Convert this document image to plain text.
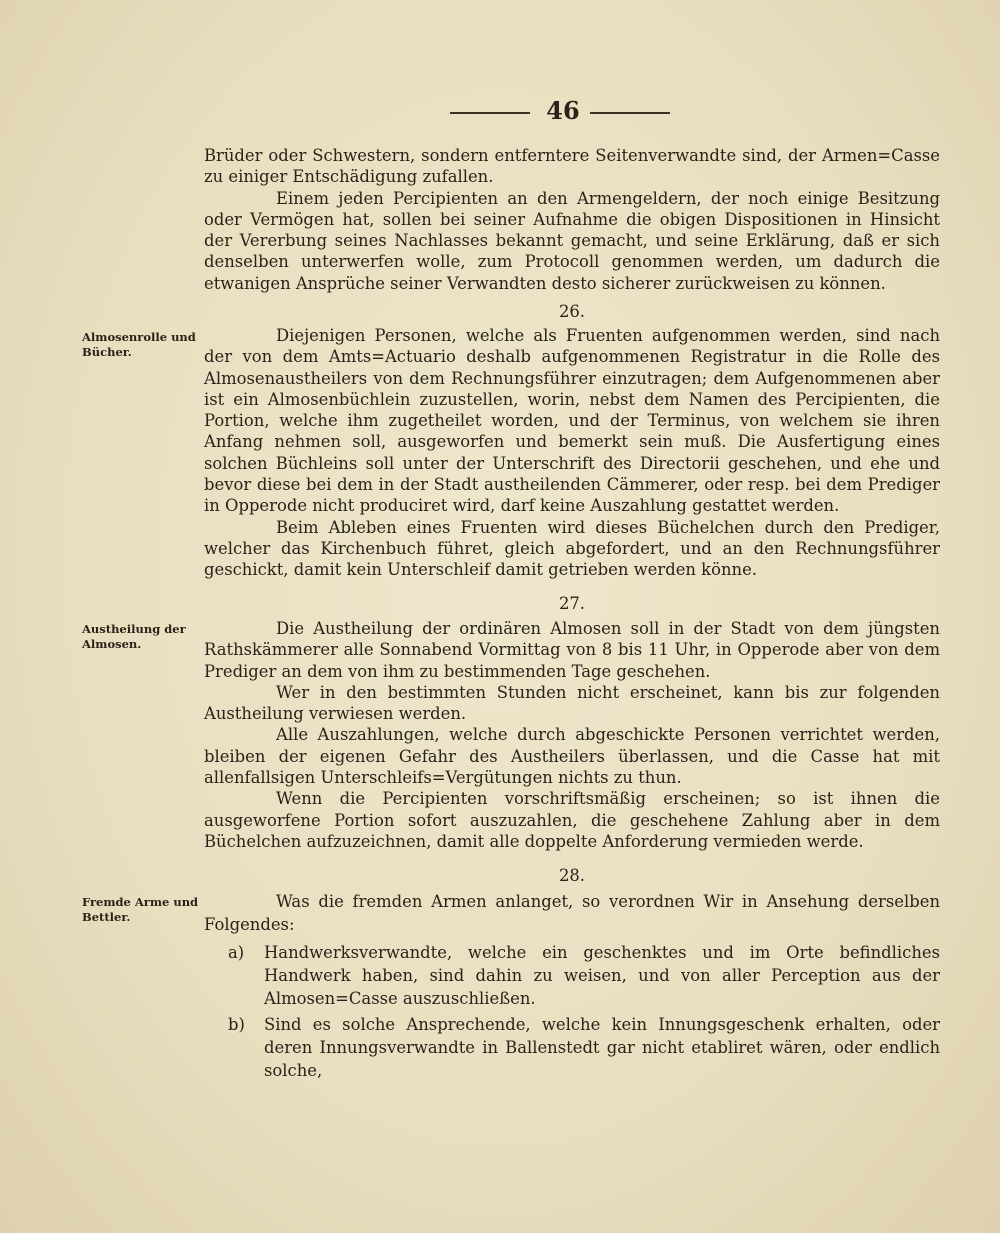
46

Brüder oder Schwestern, sondern entferntere Seitenverwandte sind, der Armen=Casse zu einiger Entschädigung zufallen.

Einem jeden Percipienten an den Armengeldern, der noch einige Besitzung oder Vermögen hat, sollen bei seiner Aufnahme die obigen Dispositionen in Hinsicht der Vererbung seines Nachlasses bekannt gemacht, und seine Erklärung, daß er sich denselben unterwerfen wolle, zum Protocoll genommen werden, um dadurch die etwanigen Ansprüche seiner Verwandten desto sicherer zurückweisen zu können.

26.
Almosenrolle und Bücher.

Diejenigen Personen, welche als Fruenten aufgenommen werden, sind nach der von dem Amts=Actuario deshalb aufgenommenen Registratur in die Rolle des Almosenaustheilers von dem Rechnungsführer einzutragen; dem Aufgenommenen aber ist ein Almosenbüchlein zuzustellen, worin, nebst dem Namen des Percipienten, die Portion, welche ihm zugetheilet worden, und der Terminus, von welchem sie ihren Anfang nehmen soll, ausgeworfen und bemerkt sein muß. Die Ausfertigung eines solchen Büchleins soll unter der Unterschrift des Directorii geschehen, und ehe und bevor diese bei dem in der Stadt austheilenden Cämmerer, oder resp. bei dem Prediger in Opperode nicht produciret wird, darf keine Auszahlung gestattet werden.

Beim Ableben eines Fruenten wird dieses Büchelchen durch den Prediger, welcher das Kirchenbuch führet, gleich abgefordert, und an den Rechnungsführer geschickt, damit kein Unterschleif damit getrieben werden könne.

27.
Austheilung der Almosen.

Die Austheilung der ordinären Almosen soll in der Stadt von dem jüngsten Rathskämmerer alle Sonnabend Vormittag von 8 bis 11 Uhr, in Opperode aber von dem Prediger an dem von ihm zu bestimmenden Tage geschehen.

Wer in den bestimmten Stunden nicht erscheinet, kann bis zur folgenden Austheilung verwiesen werden.

Alle Auszahlungen, welche durch abgeschickte Personen verrichtet werden, bleiben der eigenen Gefahr des Austheilers überlassen, und die Casse hat mit allenfallsigen Unterschleifs=Vergütungen nichts zu thun.

Wenn die Percipienten vorschriftsmäßig erscheinen; so ist ihnen die ausgeworfene Portion sofort auszuzahlen, die geschehene Zahlung aber in dem Büchelchen aufzuzeichnen, damit alle doppelte Anforderung vermieden werde.

28.
Fremde Arme und Bettler.

Was die fremden Armen anlanget, so verordnen Wir in Ansehung derselben Folgendes:

a)	Handwerksverwandte, welche ein geschenktes und im Orte befindliches Handwerk haben, sind dahin zu weisen, und von aller Perception aus der Almosen=Casse auszuschließen.
b)	Sind es solche Ansprechende, welche kein Innungsgeschenk erhalten, oder deren Innungsverwandte in Ballenstedt gar nicht etabliret wären, oder endlich solche,
